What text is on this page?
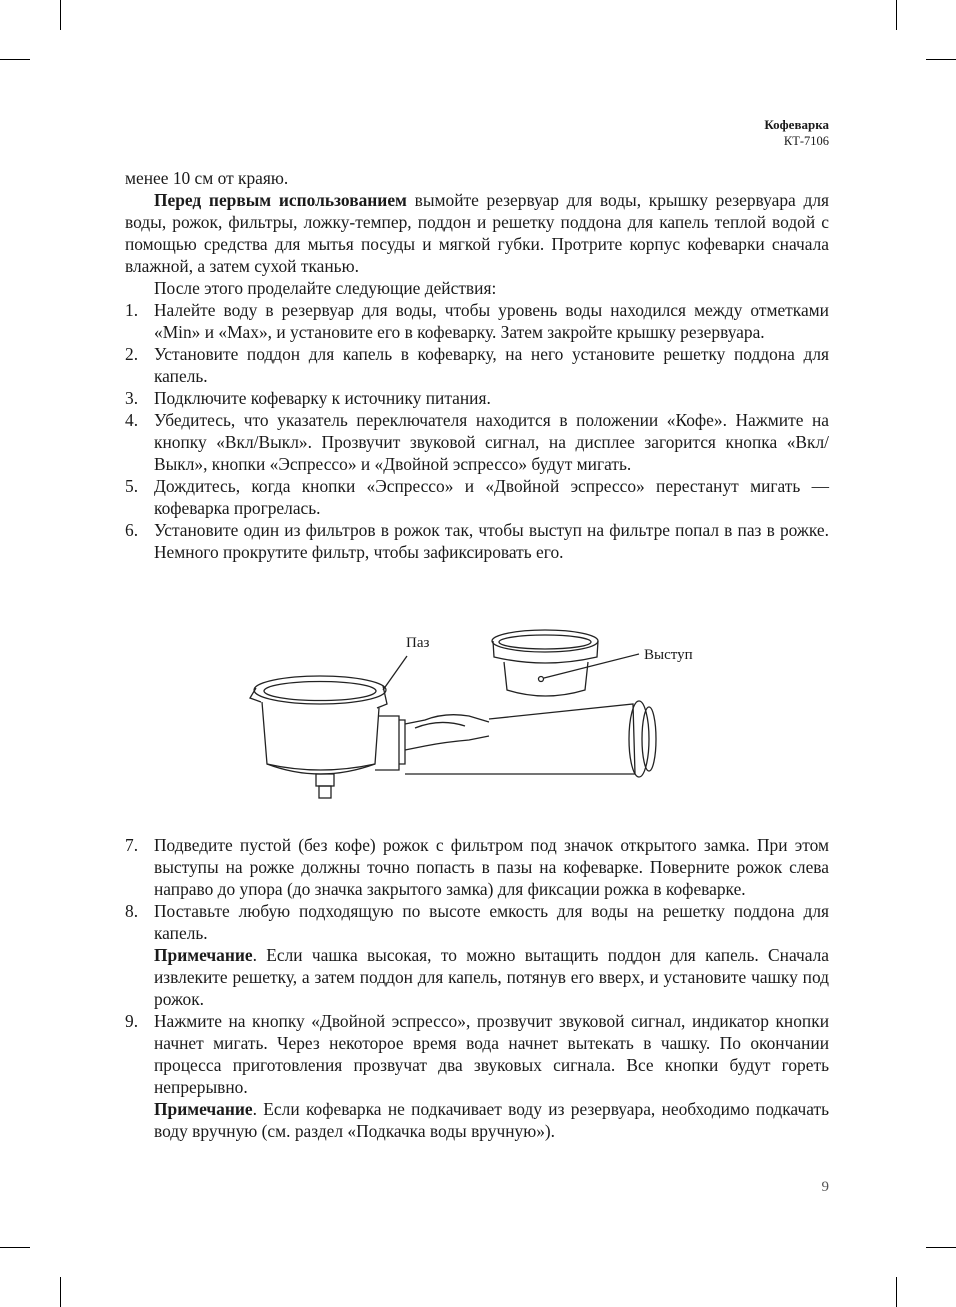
Кофеварка
КТ-7106

менее 10 см от краяю.

Перед первым использованием вымойте резервуар для воды, крышку резервуара для воды, рожок, фильтры, ложку-темпер, поддон и решетку поддона для капель теплой водой с помощью средства для мытья посуды и мягкой губки. Протрите корпус кофеварки сначала влажной, а затем сухой тканью.

После этого проделайте следующие действия:

1. Налейте воду в резервуар для воды, чтобы уровень воды находился между отметками «Min» и «Max», и установите его в кофеварку. Затем закройте крышку резервуара.
2. Установите поддон для капель в кофеварку, на него установите решетку поддона для капель.
3. Подключите кофеварку к источнику питания.
4. Убедитесь, что указатель переключателя находится в положении «Кофе». Нажмите на кнопку «Вкл/Выкл». Прозвучит звуковой сигнал, на дисплее загорится кнопка «Вкл/Выкл», кнопки «Эспрессо» и «Двойной эспрессо» будут мигать.
5. Дождитесь, когда кнопки «Эспрессо» и «Двойной эспрессо» перестанут мигать — кофеварка прогрелась.
6. Установите один из фильтров в рожок так, чтобы выступ на фильтре попал в паз в рожке. Немного прокрутите фильтр, чтобы зафиксировать его.
Паз
Выступ
7. Подведите пустой (без кофе) рожок с фильтром под значок открытого замка. При этом выступы на рожке должны точно попасть в пазы на кофеварке. Поверните рожок слева направо до упора (до значка закрытого замка) для фиксации рожка в кофеварке.
8. Поставьте любую подходящую по высоте емкость для воды на решетку поддона для капель.

Примечание. Если чашка высокая, то можно вытащить поддон для капель. Сначала извлеките решетку, а затем поддон для капель, потянув его вверх, и установите чашку под рожок.

9. Нажмите на кнопку «Двойной эспрессо», прозвучит звуковой сигнал, индикатор кнопки начнет мигать. Через некоторое время вода начнет вытекать в чашку. По окончании процесса приготовления прозвучат два звуковых сигнала. Все кнопки будут гореть непрерывно.

Примечание. Если кофеварка не подкачивает воду из резервуара, необходимо подкачать воду вручную (см. раздел «Подкачка воды вручную»).

9
